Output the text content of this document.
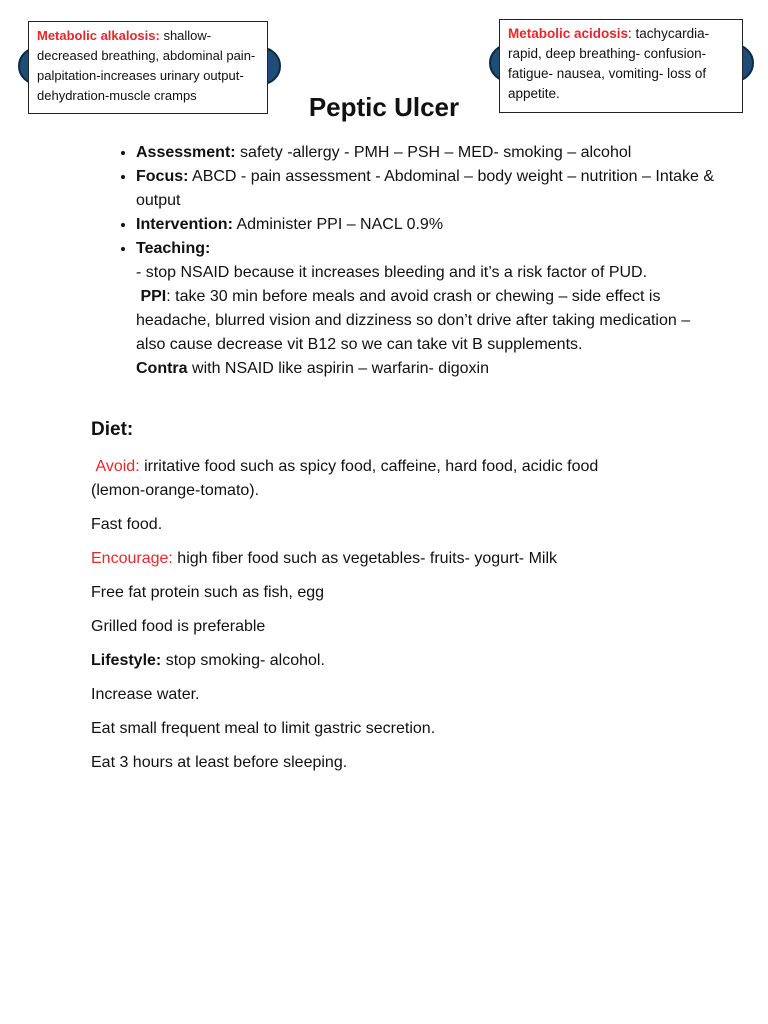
Metabolic alkalosis: shallow-decreased breathing, abdominal pain-palpitation-increases urinary output- dehydration-muscle cramps
Metabolic acidosis: tachycardia-rapid, deep breathing- confusion-fatigue- nausea, vomiting- loss of appetite.
Peptic Ulcer
• Assessment: safety -allergy - PMH – PSH – MED- smoking – alcohol
• Focus: ABCD - pain assessment - Abdominal – body weight – nutrition – Intake & output
• Intervention: Administer PPI – NACL 0.9%
• Teaching:
- stop NSAID because it increases bleeding and it’s a risk factor of PUD.
PPI: take 30 min before meals and avoid crash or chewing – side effect is headache, blurred vision and dizziness so don’t drive after taking medication – also cause decrease vit B12 so we can take vit B supplements.
Contra with NSAID like aspirin – warfarin- digoxin
Diet:

Avoid: irritative food such as spicy food, caffeine, hard food, acidic food (lemon-orange-tomato).

Fast food.

Encourage: high fiber food such as vegetables- fruits- yogurt- Milk

Free fat protein such as fish, egg

Grilled food is preferable

Lifestyle: stop smoking- alcohol.

Increase water.

Eat small frequent meal to limit gastric secretion.

Eat 3 hours at least before sleeping.
